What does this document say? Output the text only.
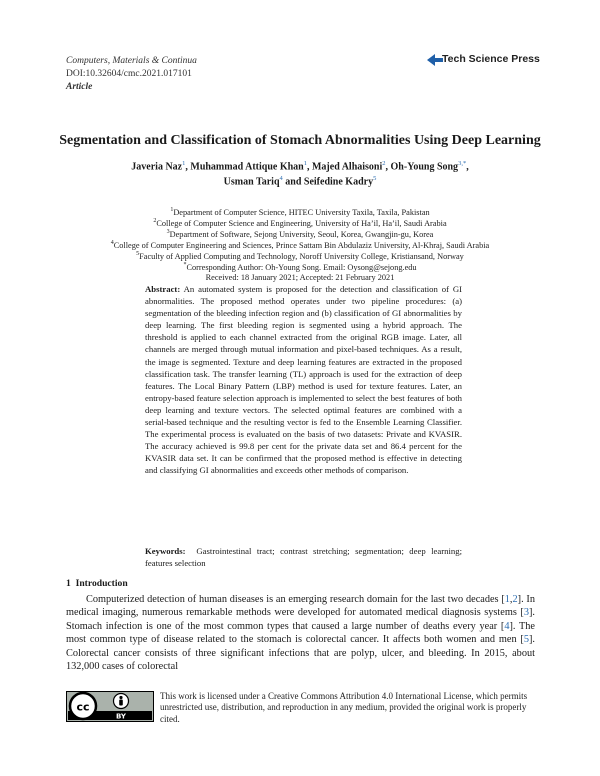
Computers, Materials & Continua
DOI:10.32604/cmc.2021.017101
Article
Tech Science Press
Segmentation and Classification of Stomach Abnormalities Using Deep Learning
Javeria Naz$^1$, Muhammad Attique Khan$^1$, Majed Alhaisoni$^2$, Oh-Young Song$^{3,*}$,
Usman Tariq$^4$ and Seifedine Kadry$^5$
$^1$Department of Computer Science, HITEC University Taxila, Taxila, Pakistan
$^2$College of Computer Science and Engineering, University of Ha’il, Ha’il, Saudi Arabia
$^3$Department of Software, Sejong University, Seoul, Korea, Gwangjin-gu, Korea
$^4$College of Computer Engineering and Sciences, Prince Sattam Bin Abdulaziz University, Al-Khraj, Saudi Arabia
$^5$Faculty of Applied Computing and Technology, Noroff University College, Kristiansand, Norway
*Corresponding Author: Oh-Young Song. Email: Oysong@sejong.edu
Received: 18 January 2021; Accepted: 21 February 2021
Abstract: An automated system is proposed for the detection and classification of GI abnormalities. The proposed method operates under two pipeline procedures: (a) segmentation of the bleeding infection region and (b) classification of GI abnormalities by deep learning. The first bleeding region is segmented using a hybrid approach. The threshold is applied to each channel extracted from the original RGB image. Later, all channels are merged through mutual information and pixel-based techniques. As a result, the image is segmented. Texture and deep learning features are extracted in the proposed classification task. The transfer learning (TL) approach is used for the extraction of deep features. The Local Binary Pattern (LBP) method is used for texture features. Later, an entropy-based feature selection approach is implemented to select the best features of both deep learning and texture vectors. The selected optimal features are combined with a serial-based technique and the resulting vector is fed to the Ensemble Learning Classifier. The experimental process is evaluated on the basis of two datasets: Private and KVASIR. The accuracy achieved is 99.8 per cent for the private data set and 86.4 percent for the KVASIR data set. It can be confirmed that the proposed method is effective in detecting and classifying GI abnormalities and exceeds other methods of comparison.
Keywords: Gastrointestinal tract; contrast stretching; segmentation; deep learning; features selection
1 Introduction
Computerized detection of human diseases is an emerging research domain for the last two decades [1,2]. In medical imaging, numerous remarkable methods were developed for automated medical diagnosis systems [3]. Stomach infection is one of the most common types that caused a large number of deaths every year [4]. The most common type of disease related to the stomach is colorectal cancer. It affects both women and men [5]. Colorectal cancer consists of three significant infections that are polyp, ulcer, and bleeding. In 2015, about 132,000 cases of colorectal
cc
BY
This work is licensed under a Creative Commons Attribution 4.0 International License, which permits unrestricted use, distribution, and reproduction in any medium, provided the original work is properly cited.
